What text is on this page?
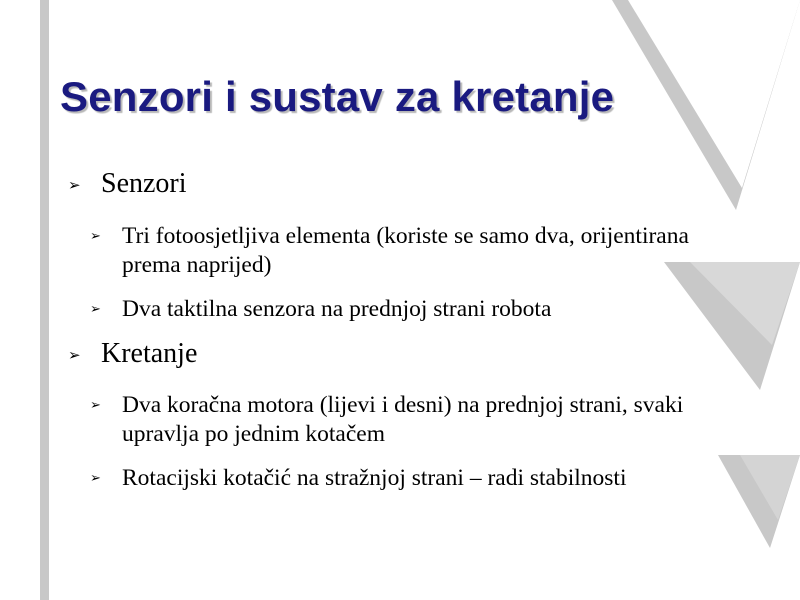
Senzori i sustav za kretanje
➢ Senzori
➢ Tri fotoosjetljiva elementa (koriste se samo dva, orijentirana prema naprijed)
➢ Dva taktilna senzora na prednjoj strani robota
➢ Kretanje
➢ Dva koračna motora (lijevi i desni) na prednjoj strani, svaki upravlja po jednim kotačem
➢ Rotacijski kotačić na stražnjoj strani – radi stabilnosti
